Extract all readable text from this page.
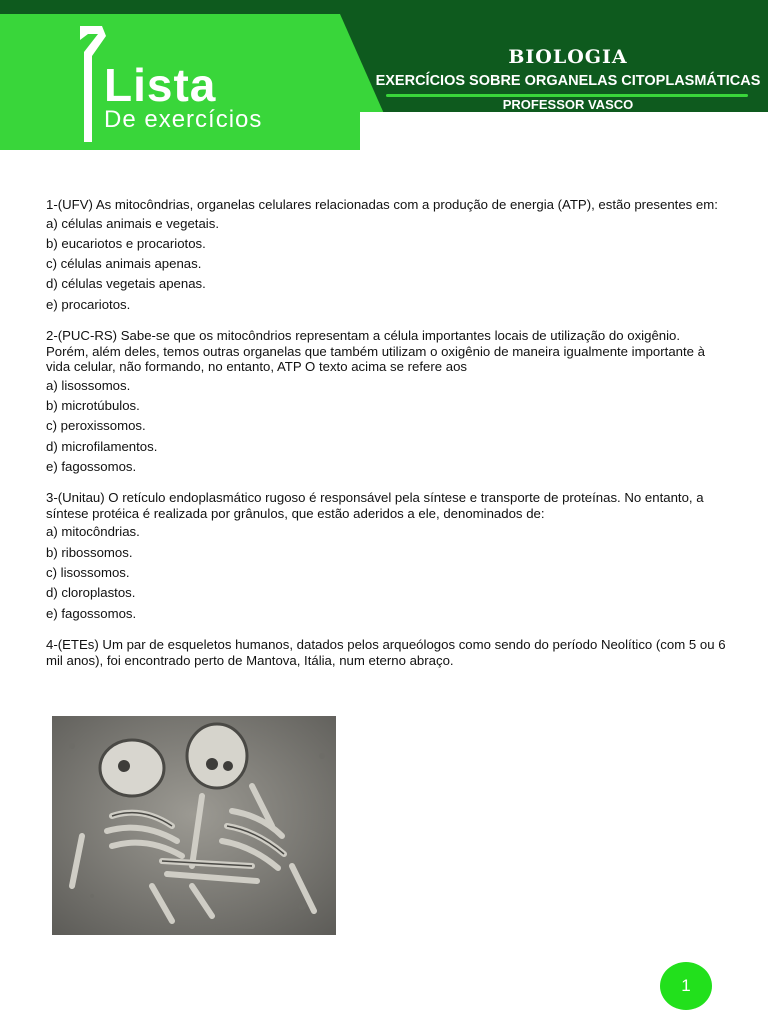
Lista
De exercícios
BIOLOGIA
EXERCÍCIOS SOBRE ORGANELAS CITOPLASMÁTICAS
PROFESSOR VASCO
1-(UFV) As mitocôndrias, organelas celulares relacionadas com a produção de energia (ATP), estão presentes em:
a) células animais e vegetais.
b) eucariotos e procariotos.
c) células animais apenas.
d) células vegetais apenas.
e) procariotos.
2-(PUC-RS) Sabe-se que os mitocôndrios representam a célula importantes locais de utilização do oxigênio. Porém, além deles, temos outras organelas que também utilizam o oxigênio de maneira igualmente importante à vida celular, não formando, no entanto, ATP O texto acima se refere aos
a) lisossomos.
b) microtúbulos.
c) peroxissomos.
d) microfilamentos.
e) fagossomos.
3-(Unitau) O retículo endoplasmático rugoso é responsável pela síntese e transporte de proteínas. No entanto, a síntese protéica é realizada por grânulos, que estão aderidos a ele, denominados de:
a) mitocôndrias.
b) ribossomos.
c) lisossomos.
d) cloroplastos.
e) fagossomos.
4-(ETEs) Um par de esqueletos humanos, datados pelos arqueólogos como sendo do período Neolítico (com 5 ou 6 mil anos), foi encontrado perto de Mantova, Itália, num eterno abraço.
1
